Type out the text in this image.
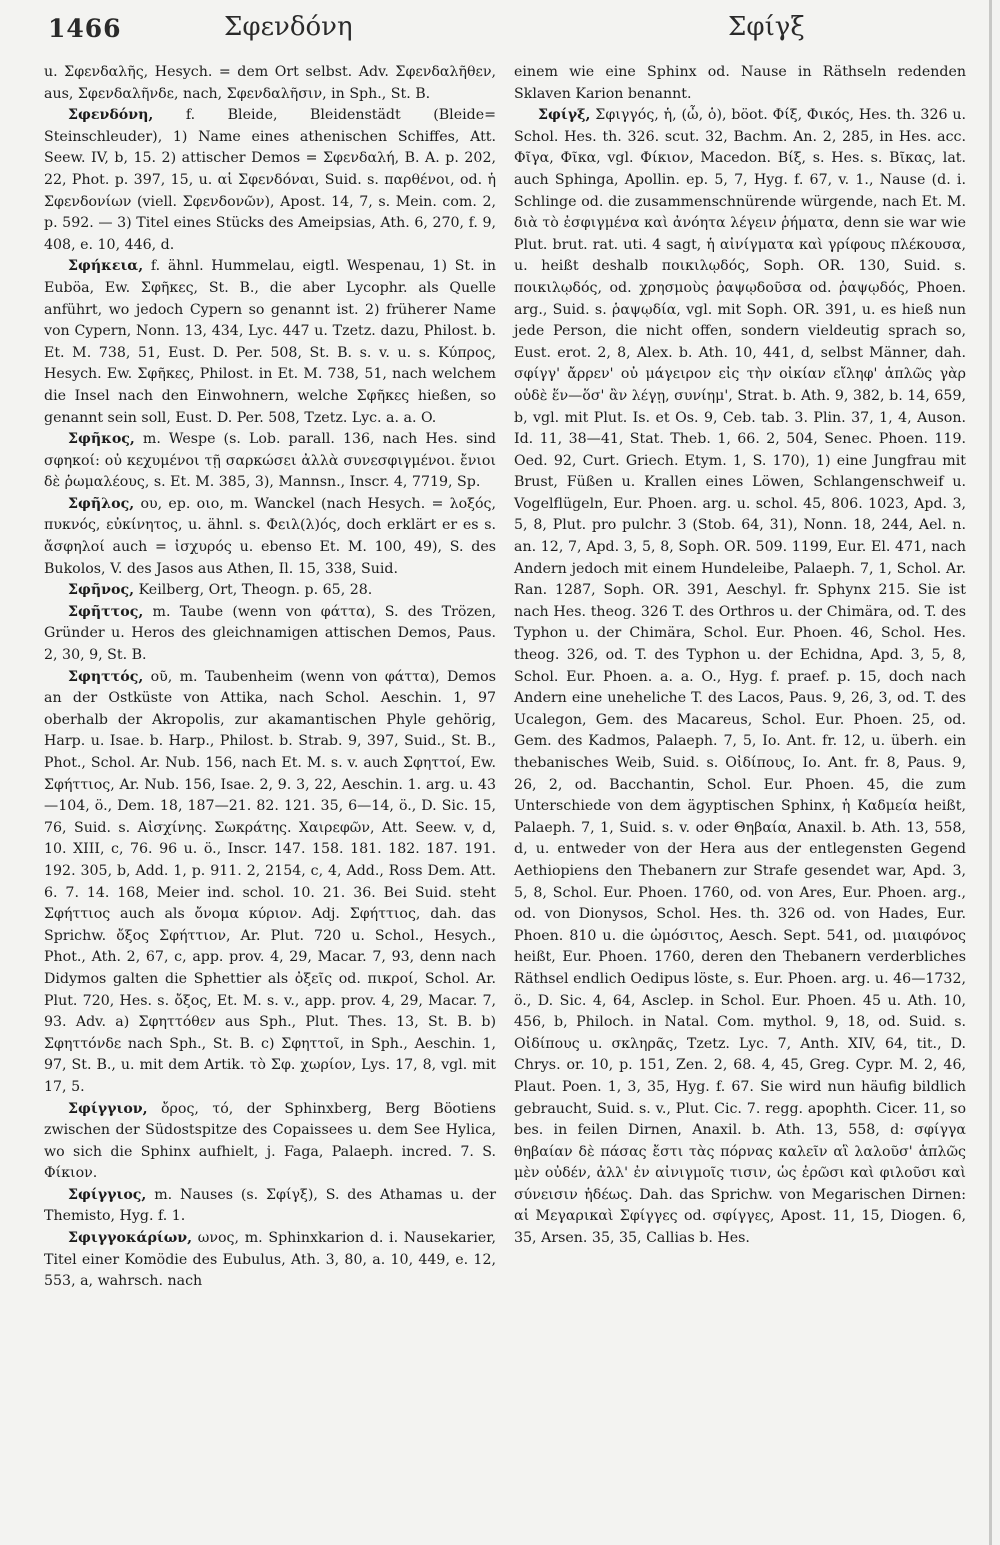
1466	Σφενδόνη	Σφίγξ

u. Σφενδαλῆς, Hesych. = dem Ort selbst. Adv. Σφενδαλῆθεν, aus, Σφενδαλῆνδε, nach, Σφενδαλῆσιν, in Sph., St. B.

Σφενδόνη, f. Bleide, Bleidenstädt (Bleide= Steinschleuder), 1) Name eines athenischen Schiffes, Att. Seew. IV, b, 15. 2) attischer Demos = Σφενδαλή, B. A. p. 202, 22, Phot. p. 397, 15, u. αἱ Σφενδόναι, Suid. s. παρθένοι, od. ἡ Σφενδονίων (viell. Σφενδονῶν), Apost. 14, 7, s. Mein. com. 2, p. 592. — 3) Titel eines Stücks des Ameipsias, Ath. 6, 270, f. 9, 408, e. 10, 446, d.

Σφήκεια, f. ähnl. Hummelau, eigtl. Wespenau, 1) St. in Euböa, Ew. Σφῆκες, St. B., die aber Lycophr. als Quelle anführt, wo jedoch Cypern so genannt ist. 2) früherer Name von Cypern, Nonn. 13, 434, Lyc. 447 u. Tzetz. dazu, Philost. b. Et. M. 738, 51, Eust. D. Per. 508, St. B. s. v. u. s. Κύπρος, Hesych. Ew. Σφῆκες, Philost. in Et. M. 738, 51, nach welchem die Insel nach den Einwohnern, welche Σφῆκες hießen, so genannt sein soll, Eust. D. Per. 508, Tzetz. Lyc. a. a. O.

Σφῆκος, m. Wespe (s. Lob. parall. 136, nach Hes. sind σφηκοί: οὐ κεχυμένοι τῇ σαρκώσει ἀλλὰ συνεσφιγμένοι. ἔνιοι δὲ ῥωμαλέους, s. Et. M. 385, 3), Mannsn., Inscr. 4, 7719, Sp.

Σφῆλος, ου, ep. οιο, m. Wanckel (nach Hesych. = λοξός, πυκνός, εὐκίνητος, u. ähnl. s. Φειλ(λ)ός, doch erklärt er es s. ἄσφηλοί auch = ἰσχυρός u. ebenso Et. M. 100, 49), S. des Bukolos, V. des Jasos aus Athen, Il. 15, 338, Suid.

Σφῆνος, Keilberg, Ort, Theogn. p. 65, 28.

Σφῆττος, m. Taube (wenn von φάττα), S. des Trözen, Gründer u. Heros des gleichnamigen attischen Demos, Paus. 2, 30, 9, St. B.

Σφηττός, οῦ, m. Taubenheim (wenn von φάττα), Demos an der Ostküste von Attika, nach Schol. Aeschin. 1, 97 oberhalb der Akropolis, zur akamantischen Phyle gehörig, Harp. u. Isae. b. Harp., Philost. b. Strab. 9, 397, Suid., St. B., Phot., Schol. Ar. Nub. 156, nach Et. M. s. v. auch Σφηττοί, Ew. Σφήττιος, Ar. Nub. 156, Isae. 2, 9. 3, 22, Aeschin. 1. arg. u. 43—104, ö., Dem. 18, 187—21. 82. 121. 35, 6—14, ö., D. Sic. 15, 76, Suid. s. Αἰσχίνης. Σωκράτης. Χαιρεφῶν, Att. Seew. v, d, 10. XIII, c, 76. 96 u. ö., Inscr. 147. 158. 181. 182. 187. 191. 192. 305, b, Add. 1, p. 911. 2, 2154, c, 4, Add., Ross Dem. Att. 6. 7. 14. 168, Meier ind. schol. 10. 21. 36. Bei Suid. steht Σφήττιος auch als ὄνομα κύριον. Adj. Σφήττιος, dah. das Sprichw. ὄξος Σφήττιον, Ar. Plut. 720 u. Schol., Hesych., Phot., Ath. 2, 67, c, app. prov. 4, 29, Macar. 7, 93, denn nach Didymos galten die Sphettier als ὀξεῖς od. πικροί, Schol. Ar. Plut. 720, Hes. s. ὄξος, Et. M. s. v., app. prov. 4, 29, Macar. 7, 93. Adv. a) Σφηττόθεν aus Sph., Plut. Thes. 13, St. B. b) Σφηττόνδε nach Sph., St. B. c) Σφηττοῖ, in Sph., Aeschin. 1, 97, St. B., u. mit dem Artik. τὸ Σφ. χωρίον, Lys. 17, 8, vgl. mit 17, 5.

Σφίγγιον, ὄρος, τό, der Sphinxberg, Berg Böotiens zwischen der Südostspitze des Copaissees u. dem See Hylica, wo sich die Sphinx aufhielt, j. Faga, Palaeph. incred. 7. S. Φίκιον.

Σφίγγιος, m. Nauses (s. Σφίγξ), S. des Athamas u. der Themisto, Hyg. f. 1.

Σφιγγοκάρίων, ωνος, m. Sphinxkarion d. i. Nausekarier, Titel einer Komödie des Eubulus, Ath. 3, 80, a. 10, 449, e. 12, 553, a, wahrsch. nach

einem wie eine Sphinx od. Nause in Räthseln redenden Sklaven Karion benannt.

Σφίγξ, Σφιγγός, ἡ, (ὦ, ὁ), böot. Φίξ, Φικός, Hes. th. 326 u. Schol. Hes. th. 326. scut. 32, Bachm. An. 2, 285, in Hes. acc. Φῖγα, Φῖκα, vgl. Φίκιον, Macedon. Βίξ, s. Hes. s. Βῖκας, lat. auch Sphinga, Apollin. ep. 5, 7, Hyg. f. 67, v. 1., Nause (d. i. Schlinge od. die zusammenschnürende würgende, nach Et. M. διὰ τὸ ἐσφιγμένα καὶ ἀνόητα λέγειν ῥήματα, denn sie war wie Plut. brut. rat. uti. 4 sagt, ἡ αἰνίγματα καὶ γρίφους πλέκουσα, u. heißt deshalb ποικιλῳδός, Soph. OR. 130, Suid. s. ποικιλῳδός, od. χρησμοὺς ῥαψῳδοῦσα od. ῥαψῳδός, Phoen. arg., Suid. s. ῥαψῳδία, vgl. mit Soph. OR. 391, u. es hieß nun jede Person, die nicht offen, sondern vieldeutig sprach so, Eust. erot. 2, 8, Alex. b. Ath. 10, 441, d, selbst Männer, dah. σφίγγ' ἄρρεν' οὐ μάγειρον εἰς τὴν οἰκίαν εἴληφ' ἁπλῶς γὰρ οὐδὲ ἕν—ὅσ' ἂν λέγῃ, συνίημ', Strat. b. Ath. 9, 382, b. 14, 659, b, vgl. mit Plut. Is. et Os. 9, Ceb. tab. 3. Plin. 37, 1, 4, Auson. Id. 11, 38—41, Stat. Theb. 1, 66. 2, 504, Senec. Phoen. 119. Oed. 92, Curt. Griech. Etym. 1, S. 170), 1) eine Jungfrau mit Brust, Füßen u. Krallen eines Löwen, Schlangenschweif u. Vogelflügeln, Eur. Phoen. arg. u. schol. 45, 806. 1023, Apd. 3, 5, 8, Plut. pro pulchr. 3 (Stob. 64, 31), Nonn. 18, 244, Ael. n. an. 12, 7, Apd. 3, 5, 8, Soph. OR. 509. 1199, Eur. El. 471, nach Andern jedoch mit einem Hundeleibe, Palaeph. 7, 1, Schol. Ar. Ran. 1287, Soph. OR. 391, Aeschyl. fr. Sphynx 215. Sie ist nach Hes. theog. 326 T. des Orthros u. der Chimära, od. T. des Typhon u. der Chimära, Schol. Eur. Phoen. 46, Schol. Hes. theog. 326, od. T. des Typhon u. der Echidna, Apd. 3, 5, 8, Schol. Eur. Phoen. a. a. O., Hyg. f. praef. p. 15, doch nach Andern eine uneheliche T. des Lacos, Paus. 9, 26, 3, od. T. des Ucalegon, Gem. des Macareus, Schol. Eur. Phoen. 25, od. Gem. des Kadmos, Palaeph. 7, 5, Io. Ant. fr. 12, u. überh. ein thebanisches Weib, Suid. s. Οἰδίπους, Io. Ant. fr. 8, Paus. 9, 26, 2, od. Bacchantin, Schol. Eur. Phoen. 45, die zum Unterschiede von dem ägyptischen Sphinx, ἡ Καδμεία heißt, Palaeph. 7, 1, Suid. s. v. oder Θηβαία, Anaxil. b. Ath. 13, 558, d, u. entweder von der Hera aus der entlegensten Gegend Aethiopiens den Thebanern zur Strafe gesendet war, Apd. 3, 5, 8, Schol. Eur. Phoen. 1760, od. von Ares, Eur. Phoen. arg., od. von Dionysos, Schol. Hes. th. 326 od. von Hades, Eur. Phoen. 810 u. die ὠμόσιτος, Aesch. Sept. 541, od. μιαιφόνος heißt, Eur. Phoen. 1760, deren den Thebanern verderbliches Räthsel endlich Oedipus löste, s. Eur. Phoen. arg. u. 46—1732, ö., D. Sic. 4, 64, Asclep. in Schol. Eur. Phoen. 45 u. Ath. 10, 456, b, Philoch. in Natal. Com. mythol. 9, 18, od. Suid. s. Οἰδίπους u. σκληρᾶς, Tzetz. Lyc. 7, Anth. XIV, 64, tit., D. Chrys. or. 10, p. 151, Zen. 2, 68. 4, 45, Greg. Cypr. M. 2, 46, Plaut. Poen. 1, 3, 35, Hyg. f. 67. Sie wird nun häufig bildlich gebraucht, Suid. s. v., Plut. Cic. 7. regg. apophth. Cicer. 11, so bes. in feilen Dirnen, Anaxil. b. Ath. 13, 558, d: σφίγγα θηβαίαν δὲ πάσας ἔστι τὰς πόρνας καλεῖν αἳ λαλοῦσ' ἁπλῶς μὲν οὐδέν, ἀλλ' ἐν αἰνιγμοῖς τισιν, ὡς ἐρῶσι καὶ φιλοῦσι καὶ σύνεισιν ἡδέως. Dah. das Sprichw. von Megarischen Dirnen: αἱ Μεγαρικαὶ Σφίγγες od. σφίγγες, Apost. 11, 15, Diogen. 6, 35, Arsen. 35, 35, Callias b. Hes.
